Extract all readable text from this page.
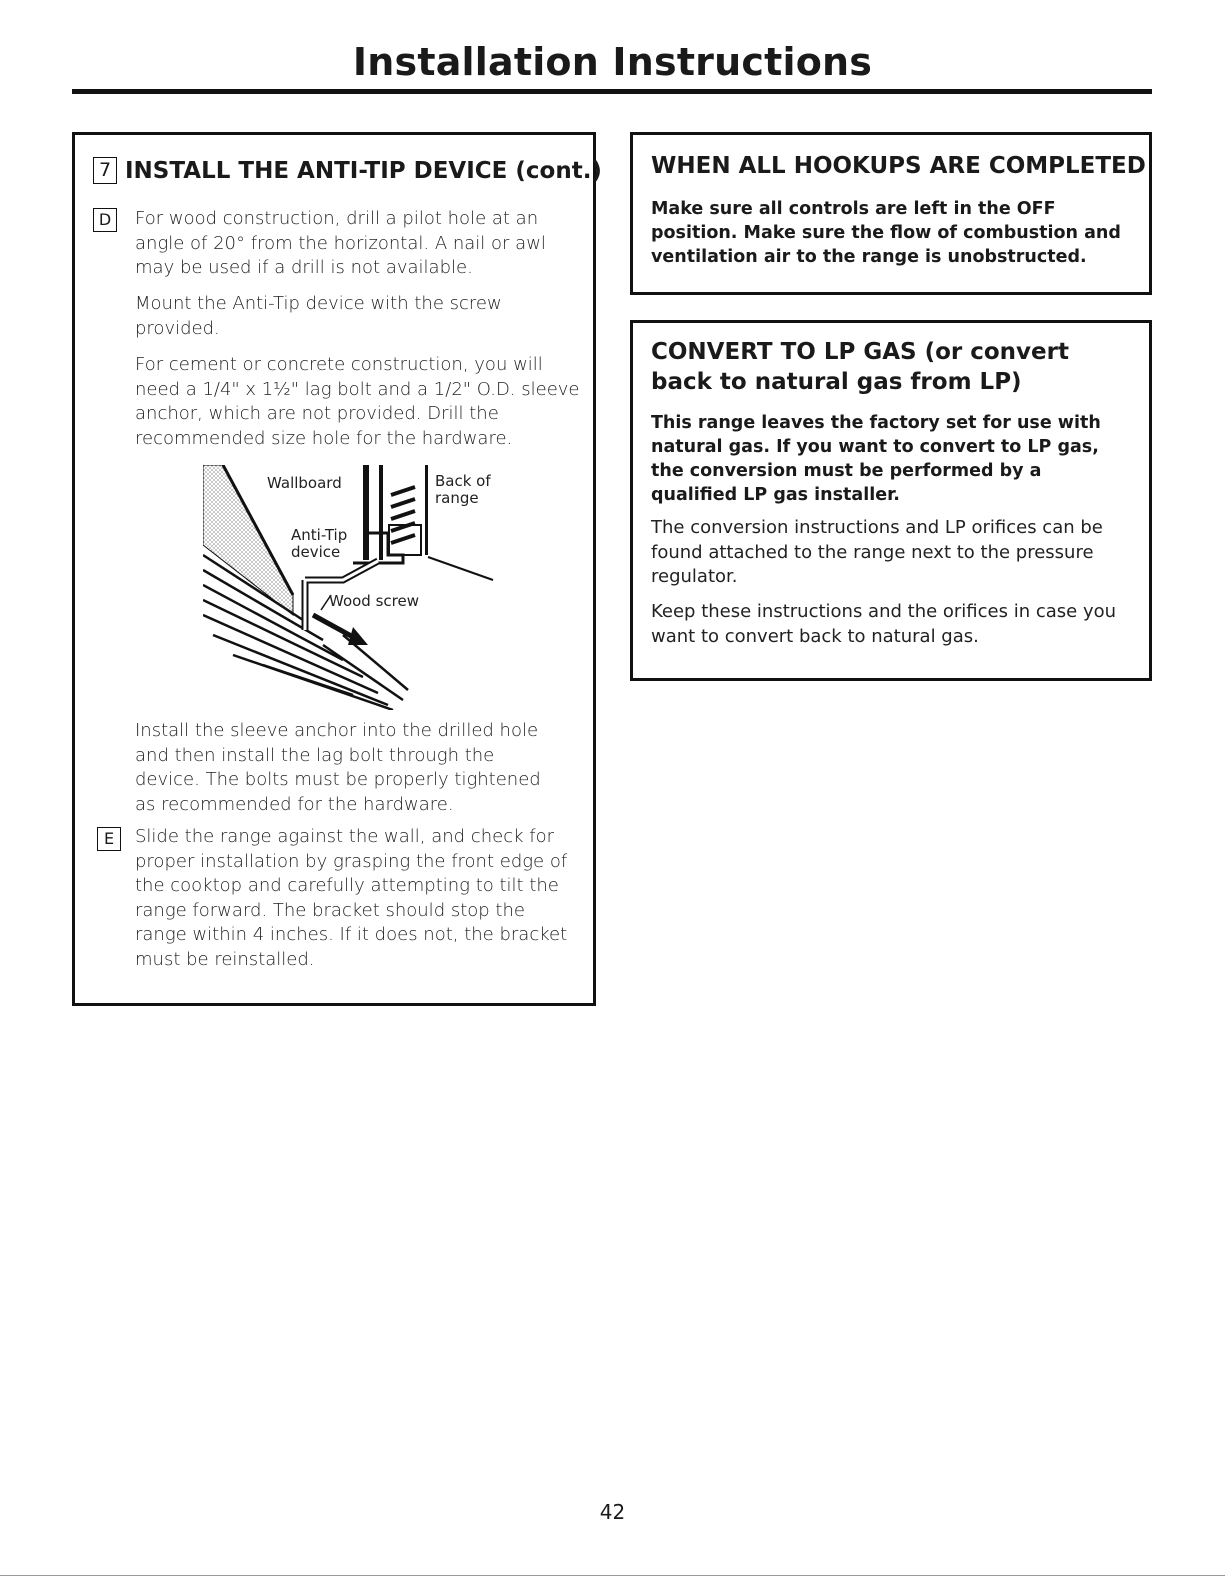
Installation Instructions
7 INSTALL THE ANTI-TIP DEVICE (cont.)
D	For wood construction, drill a pilot hole at an angle of 20° from the horizontal. A nail or awl may be used if a drill is not available.
Mount the Anti-Tip device with the screw provided.
For cement or concrete construction, you will need a 1/4" x 1½" lag bolt and a 1/2" O.D. sleeve anchor, which are not provided. Drill the recommended size hole for the hardware.
Wallboard	Back of range
Anti-Tip device
Wood screw
Install the sleeve anchor into the drilled hole and then install the lag bolt through the device. The bolts must be properly tightened as recommended for the hardware.
E	Slide the range against the wall, and check for proper installation by grasping the front edge of the cooktop and carefully attempting to tilt the range forward. The bracket should stop the range within 4 inches. If it does not, the bracket must be reinstalled.
WHEN ALL HOOKUPS ARE COMPLETED
Make sure all controls are left in the OFF position. Make sure the flow of combustion and ventilation air to the range is unobstructed.
CONVERT TO LP GAS (or convert back to natural gas from LP)
This range leaves the factory set for use with natural gas. If you want to convert to LP gas, the conversion must be performed by a qualified LP gas installer.
The conversion instructions and LP orifices can be found attached to the range next to the pressure regulator.
Keep these instructions and the orifices in case you want to convert back to natural gas.
42
